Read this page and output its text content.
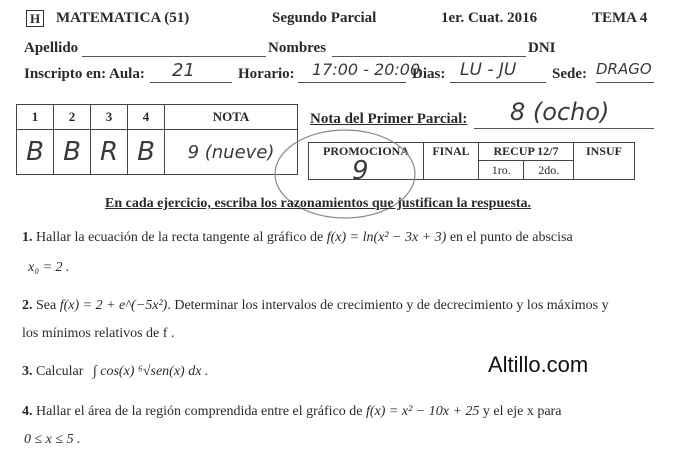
H MATEMATICA (51)	Segundo Parcial	1er. Cuat. 2016	TEMA 4
Apellido	Nombres	DNI
Inscripto en: Aula: 21	Horario: 17:00 - 20:00
Dias: LU - JU Sede: DRAGO
1	2	3	4	NOTA
B	B	R	B	9 (nueve)
Nota del Primer Parcial: 8 (ocho)
PROMOCIONA	FINAL	RECUP 12/7		INSUF
		1ro.	2do.	
9
En cada ejercicio, escriba los razonamientos que justifican la respuesta.
1. Hallar la ecuación de la recta tangente al gráfico de f(x) = ln(x² − 3x + 3) en el punto de abscisa
x₀ = 2 .
2. Sea f(x) = 2 + e^(−5x²). Determinar los intervalos de crecimiento y de decrecimiento y los máximos y
los mínimos relativos de f .
3. Calcular ∫ cos(x) ⁶√sen(x) dx .	Altillo.com
4. Hallar el área de la región comprendida entre el gráfico de f(x) = x² − 10x + 25 y el eje x para
0 ≤ x ≤ 5 .
